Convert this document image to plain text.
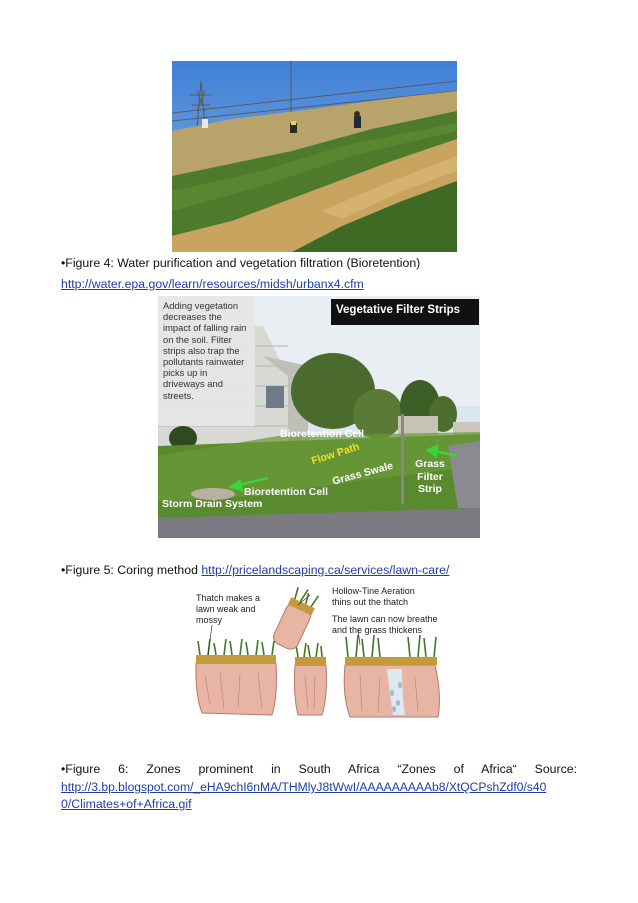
•Figure 4: Water purification and vegetation filtration (Bioretention)
http://water.epa.gov/learn/resources/midsh/urbanx4.cfm
Adding vegetation
decreases the
impact of falling rain
on the soil. Filter
strips also trap the
pollutants rainwater
picks up in
driveways and
streets.
Vegetative Filter Strips
Bioretention Cell
Flow Path
Grass Swale Grass
Filter
Strip
Bioretention Cell
Storm Drain System
•Figure 5: Coring method http://pricelandscaping.ca/services/lawn-care/
Thatch makes a
lawn weak and
mossy
Hollow-Tine Aeration
thins out the thatch
The lawn can now breathe
and the grass thickens
•Figure 6: Zones prominent in South Africa “Zones of Africa“ Source:
http://3.bp.blogspot.com/_eHA9chI6nMA/THMlyJ8tWwI/AAAAAAAAAb8/XtQCPshZdf0/s40
0/Climates+of+Africa.gif
